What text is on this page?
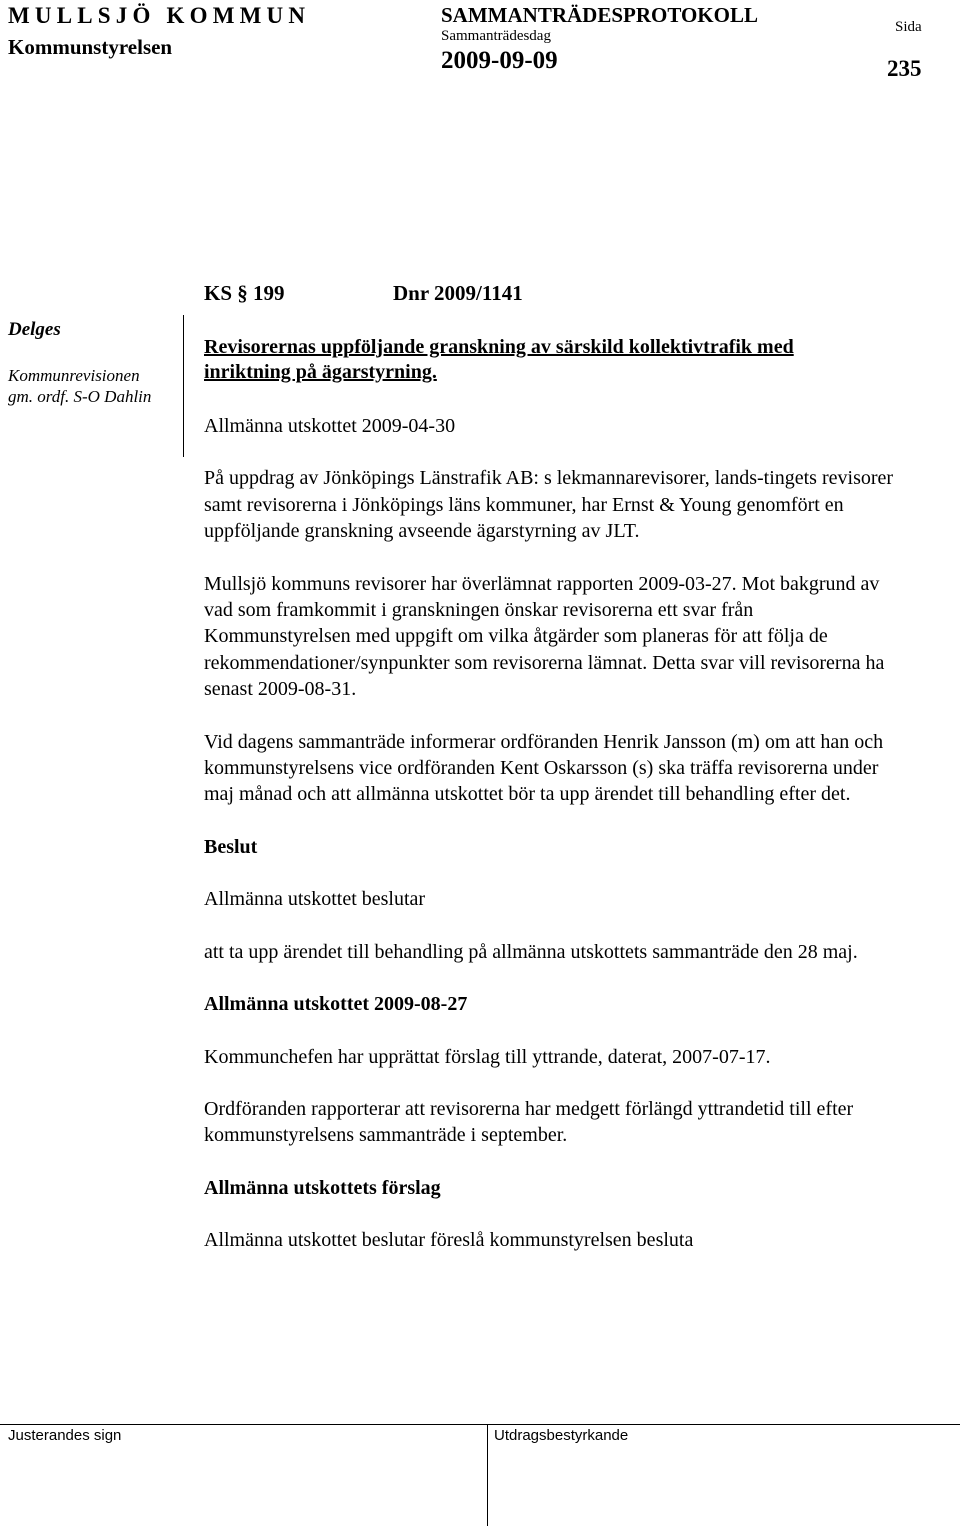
MULLSJÖ KOMMUN
Kommunstyrelsen
SAMMANTRÄDESPROTOKOLL
Sammanträdesdag
2009-09-09
Sida
235
KS § 199	Dnr 2009/1141
Delges
Kommunrevisionen gm. ordf. S-O Dahlin
Revisorernas uppföljande granskning av särskild kollektivtrafik med
inriktning på ägarstyrning.

Allmänna utskottet 2009-04-30

På uppdrag av Jönköpings Länstrafik AB: s lekmannarevisorer, lands-tingets revisorer samt revisorerna i Jönköpings läns kommuner, har Ernst & Young genomfört en uppföljande granskning avseende ägarstyrning av JLT.

Mullsjö kommuns revisorer har överlämnat rapporten 2009-03-27. Mot bakgrund av vad som framkommit i granskningen önskar revisorerna ett svar från Kommunstyrelsen med uppgift om vilka åtgärder som planeras för att följa de rekommendationer/synpunkter som revisorerna lämnat. Detta svar vill revisorerna ha senast 2009-08-31.

Vid dagens sammanträde informerar ordföranden Henrik Jansson (m) om att han och kommunstyrelsens vice ordföranden Kent Oskarsson (s) ska träffa revisorerna under maj månad och att allmänna utskottet bör ta upp ärendet till behandling efter det.

Beslut

Allmänna utskottet beslutar

att ta upp ärendet till behandling på allmänna utskottets sammanträde den 28 maj.

Allmänna utskottet 2009-08-27

Kommunchefen har upprättat förslag till yttrande, daterat, 2007-07-17.

Ordföranden rapporterar att revisorerna har medgett förlängd yttrandetid till efter kommunstyrelsens sammanträde i september.

Allmänna utskottets förslag

Allmänna utskottet beslutar föreslå kommunstyrelsen besluta

Justerandes sign	Utdragsbestyrkande
